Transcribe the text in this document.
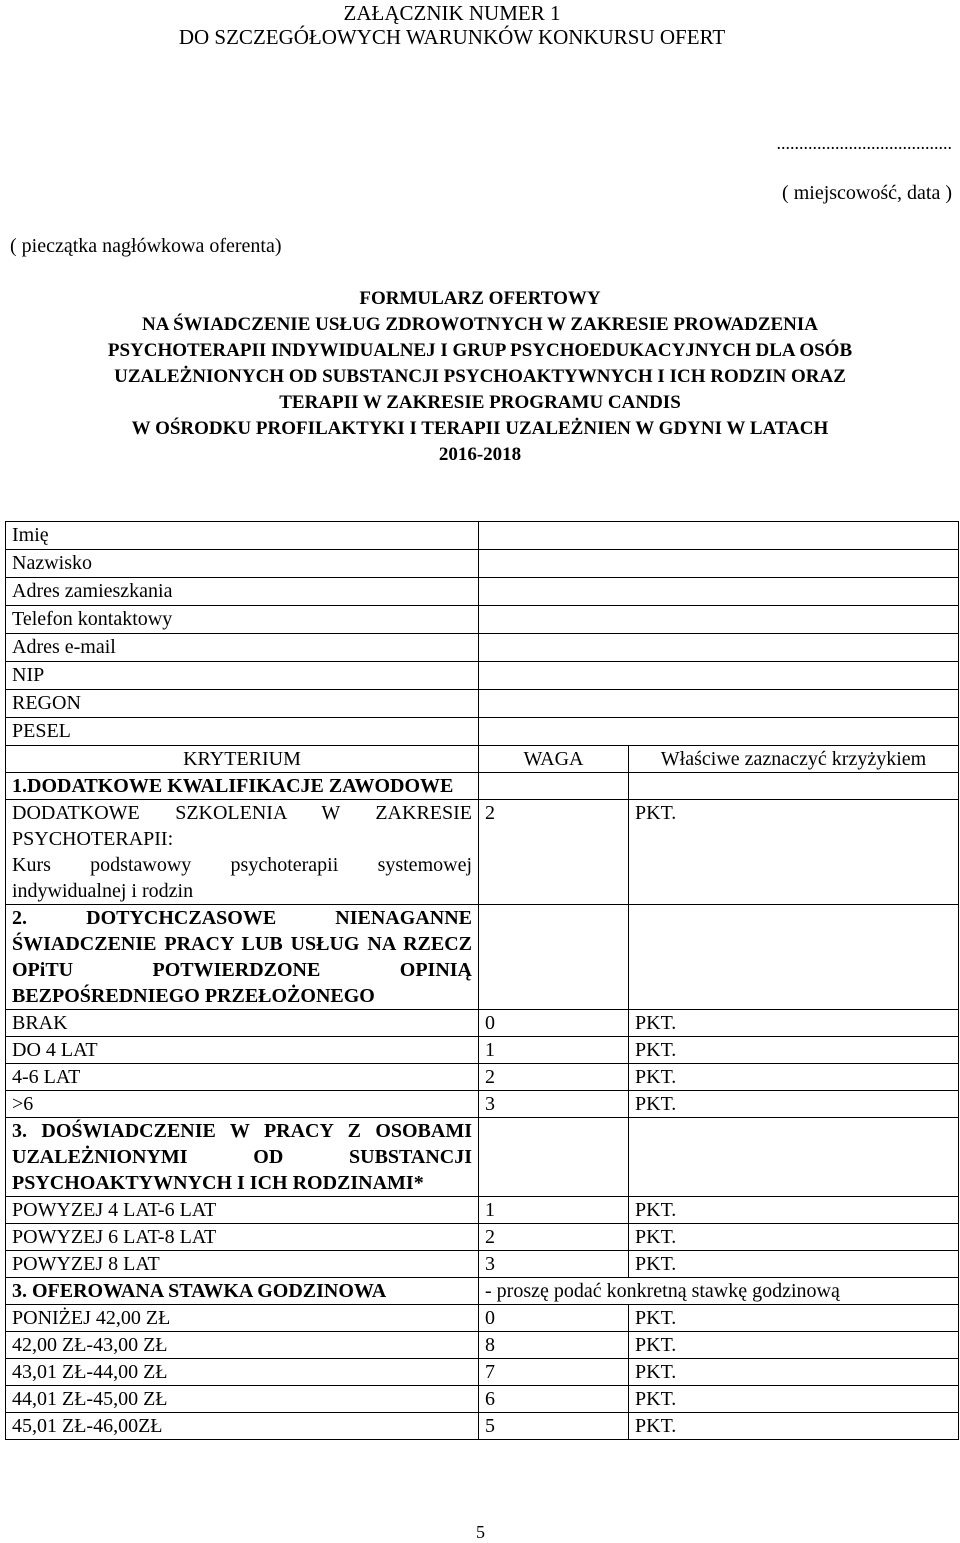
ZAŁĄCZNIK NUMER 1
DO SZCZEGÓŁOWYCH WARUNKÓW KONKURSU OFERT
.......................................
( miejscowość, data )
( pieczątka nagłówkowa oferenta)
FORMULARZ OFERTOWY
NA ŚWIADCZENIE USŁUG ZDROWOTNYCH W ZAKRESIE PROWADZENIA
PSYCHOTERAPII INDYWIDUALNEJ I GRUP PSYCHOEDUKACYJNYCH DLA OSÓB
UZALEŻNIONYCH OD SUBSTANCJI PSYCHOAKTYWNYCH I ICH RODZIN ORAZ
TERAPII W ZAKRESIE PROGRAMU CANDIS
W OŚRODKU PROFILAKTYKI I TERAPII UZALEŻNIEN W GDYNI W LATACH
2016-2018
Imię		
Nazwisko		
Adres zamieszkania		
Telefon kontaktowy		
Adres e-mail		
NIP		
REGON		
PESEL		
KRYTERIUM	WAGA	Właściwe zaznaczyć krzyżykiem
1.DODATKOWE KWALIFIKACJE ZAWODOWE		

DODATKOWE SZKOLENIA W ZAKRESIE PSYCHOTERAPII:
Kurs podstawowy psychoterapii systemowej indywidualnej i rodzin	2	PKT.
2. DOTYCHCZASOWE NIENAGANNE ŚWIADCZENIE PRACY LUB USŁUG NA RZECZ OPiTU POTWIERDZONE OPINIĄ BEZPOŚREDNIEGO PRZEŁOŻONEGO		
BRAK	0	PKT.
DO 4 LAT	1	PKT.
4-6 LAT	2	PKT.
>6	3	PKT.
3. DOŚWIADCZENIE W PRACY Z OSOBAMI UZALEŻNIONYMI OD SUBSTANCJI PSYCHOAKTYWNYCH I ICH RODZINAMI*		
POWYZEJ 4 LAT-6 LAT	1	PKT.
POWYZEJ 6 LAT-8 LAT	2	PKT.
POWYZEJ 8 LAT	3	PKT.
3. OFEROWANA STAWKA GODZINOWA	- proszę podać konkretną stawkę godzinową	
PONIŻEJ 42,00 ZŁ	0	PKT.
42,00 ZŁ-43,00 ZŁ	8	PKT.
43,01 ZŁ-44,00 ZŁ	7	PKT.
44,01 ZŁ-45,00 ZŁ	6	PKT.
45,01 ZŁ-46,00ZŁ	5	PKT.
5
